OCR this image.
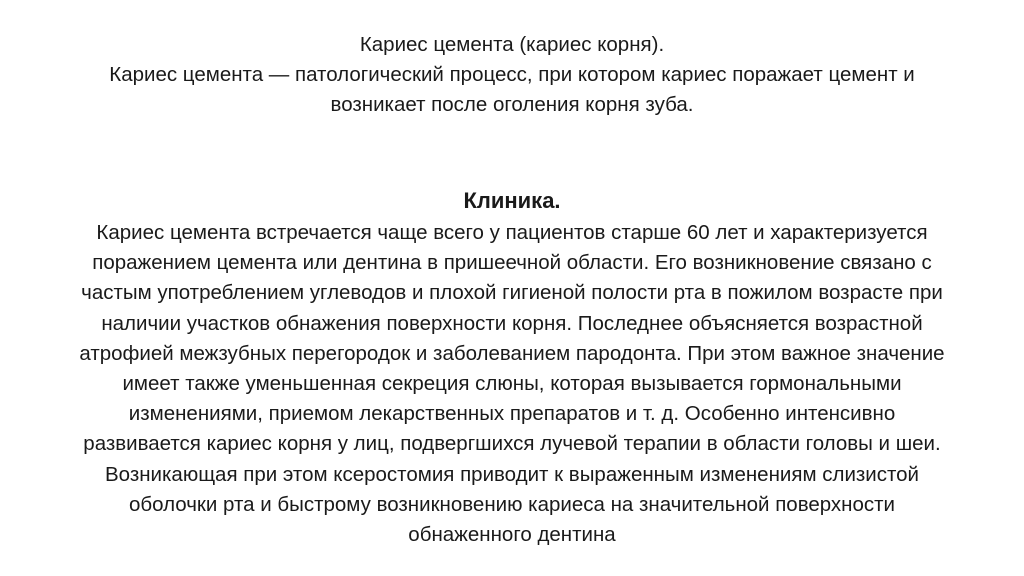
Кариес цемента (кариес корня).
Кариес цемента — патологический процесс, при котором кариес поражает цемент и
возникает после оголения корня зуба.
Клиника.
Кариес цемента встречается чаще всего у пациентов старше 60 лет и характеризуется
поражением цемента или дентина в пришеечной области. Его возникновение связано с
частым употреблением углеводов и плохой гигиеной полости рта в пожилом возрасте при
наличии участков обнажения поверхности корня. Последнее объясняется возрастной
атрофией межзубных перегородок и заболеванием пародонта. При этом важное значение
имеет также уменьшенная секреция слюны, которая вызывается гормональными
изменениями, приемом лекарственных препаратов и т. д. Особенно интенсивно
развивается кариес корня у лиц, подвергшихся лучевой терапии в области головы и шеи.
Возникающая при этом ксеростомия приводит к выраженным изменениям слизистой
оболочки рта и быстрому возникновению кариеса на значительной поверхности
обнаженного дентина
